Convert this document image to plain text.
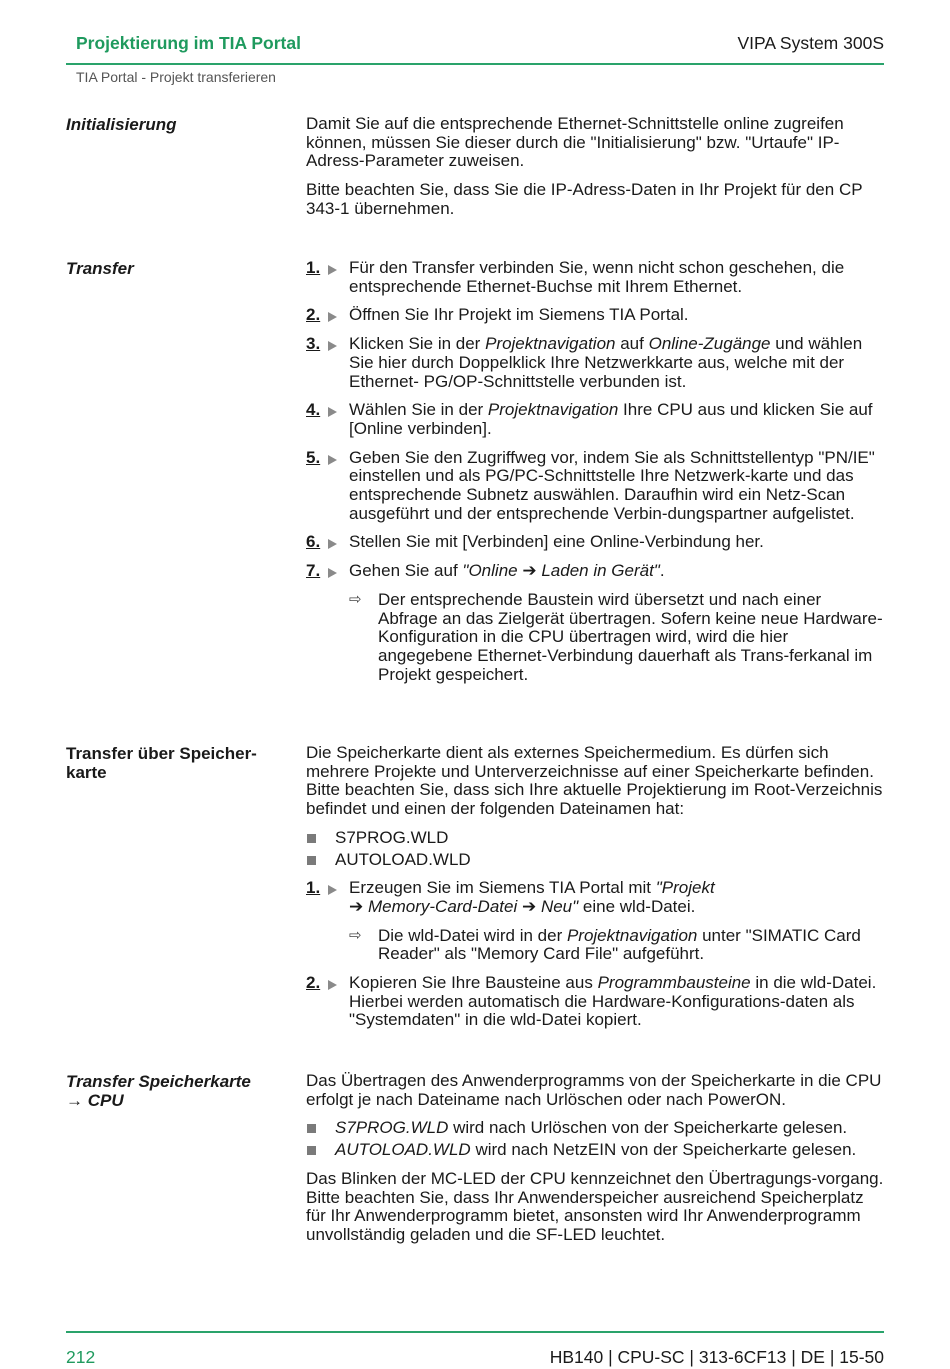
Projektierung im TIA Portal	VIPA System 300S
TIA Portal - Projekt transferieren
Initialisierung	Damit Sie auf die entsprechende Ethernet-Schnittstelle online zugreifen können, müssen Sie dieser durch die "Initialisierung" bzw. "Urtaufe" IP-Adress-Parameter zuweisen.

Bitte beachten Sie, dass Sie die IP-Adress-Daten in Ihr Projekt für den CP 343-1 übernehmen.

Transfer	1. Für den Transfer verbinden Sie, wenn nicht schon geschehen, die entsprechende Ethernet-Buchse mit Ihrem Ethernet.
2. Öffnen Sie Ihr Projekt im Siemens TIA Portal.
3. Klicken Sie in der Projektnavigation auf Online-Zugänge und wählen Sie hier durch Doppelklick Ihre Netzwerkkarte aus, welche mit der Ethernet- PG/OP-Schnittstelle verbunden ist.
4. Wählen Sie in der Projektnavigation Ihre CPU aus und klicken Sie auf [Online verbinden].
5. Geben Sie den Zugriffweg vor, indem Sie als Schnittstellentyp "PN/IE" einstellen und als PG/PC-Schnittstelle Ihre Netzwerk-karte und das entsprechende Subnetz auswählen. Daraufhin wird ein Netz-Scan ausgeführt und der entsprechende Verbin-dungspartner aufgelistet.
6. Stellen Sie mit [Verbinden] eine Online-Verbindung her.
7. Gehen Sie auf "Online ➔ Laden in Gerät".
⇨ Der entsprechende Baustein wird übersetzt und nach einer Abfrage an das Zielgerät übertragen. Sofern keine neue Hardware-Konfiguration in die CPU übertragen wird, wird die hier angegebene Ethernet-Verbindung dauerhaft als Trans-ferkanal im Projekt gespeichert.
Transfer über Speicher-karte

Die Speicherkarte dient als externes Speichermedium. Es dürfen sich mehrere Projekte und Unterverzeichnisse auf einer Speicherkarte befinden. Bitte beachten Sie, dass sich Ihre aktuelle Projektierung im Root-Verzeichnis befindet und einen der folgenden Dateinamen hat:

S7PROG.WLD
AUTOLOAD.WLD
1. Erzeugen Sie im Siemens TIA Portal mit "Projekt
➔ Memory-Card-Datei ➔ Neu" eine wld-Datei.
⇨ Die wld-Datei wird in der Projektnavigation unter "SIMATIC Card Reader" als "Memory Card File" aufgeführt.
2. Kopieren Sie Ihre Bausteine aus Programmbausteine in die wld-Datei. Hierbei werden automatisch die Hardware-Konfigurations-daten als "Systemdaten" in die wld-Datei kopiert.
Transfer Speicherkarte
→ CPU

Das Übertragen des Anwenderprogramms von der Speicherkarte in die CPU erfolgt je nach Dateiname nach Urlöschen oder nach PowerON.

S7PROG.WLD wird nach Urlöschen von der Speicherkarte gelesen.
AUTOLOAD.WLD wird nach NetzEIN von der Speicherkarte gelesen.

Das Blinken der MC-LED der CPU kennzeichnet den Übertragungs-vorgang. Bitte beachten Sie, dass Ihr Anwenderspeicher ausreichend Speicherplatz für Ihr Anwenderprogramm bietet, ansonsten wird Ihr Anwenderprogramm unvollständig geladen und die SF-LED leuchtet.

212	HB140 | CPU-SC | 313-6CF13 | DE | 15-50
